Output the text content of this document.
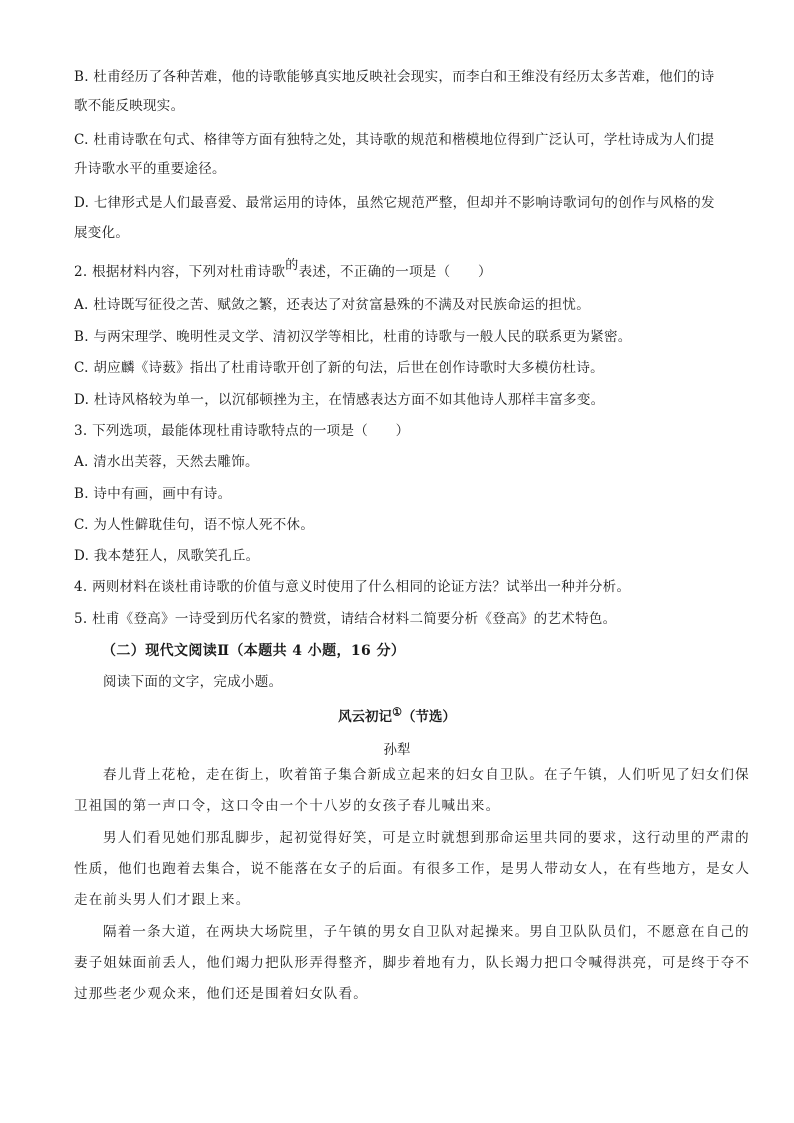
B. 杜甫经历了各种苦难，他的诗歌能够真实地反映社会现实，而李白和王维没有经历太多苦难，他们的诗
歌不能反映现实。
C. 杜甫诗歌在句式、格律等方面有独特之处，其诗歌的规范和楷模地位得到广泛认可，学杜诗成为人们提
升诗歌水平的重要途径。
D. 七律形式是人们最喜爱、最常运用的诗体，虽然它规范严整，但却并不影响诗歌词句的创作与风格的发
展变化。
2. 根据材料内容，下列对杜甫诗歌的表述，不正确的一项是（　　）
A. 杜诗既写征役之苦、赋敛之繁，还表达了对贫富悬殊的不满及对民族命运的担忧。
B. 与两宋理学、晚明性灵文学、清初汉学等相比，杜甫的诗歌与一般人民的联系更为紧密。
C. 胡应麟《诗薮》指出了杜甫诗歌开创了新的句法，后世在创作诗歌时大多模仿杜诗。
D. 杜诗风格较为单一，以沉郁顿挫为主，在情感表达方面不如其他诗人那样丰富多变。
3. 下列选项，最能体现杜甫诗歌特点的一项是（　　）
A. 清水出芙蓉，天然去雕饰。
B. 诗中有画，画中有诗。
C. 为人性僻耽佳句，语不惊人死不休。
D. 我本楚狂人，凤歌笑孔丘。
4. 两则材料在谈杜甫诗歌的价值与意义时使用了什么相同的论证方法？试举出一种并分析。
5. 杜甫《登高》一诗受到历代名家的赞赏，请结合材料二简要分析《登高》的艺术特色。
（二）现代文阅读Ⅱ（本题共 4 小题，16 分）
阅读下面的文字，完成小题。
风云初记①（节选）
孙犁
春儿背上花枪，走在街上，吹着笛子集合新成立起来的妇女自卫队。在子午镇，人们听见了妇女们保
卫祖国的第一声口令，这口令由一个十八岁的女孩子春儿喊出来。
男人们看见她们那乱脚步，起初觉得好笑，可是立时就想到那命运里共同的要求，这行动里的严肃的
性质，他们也跑着去集合，说不能落在女子的后面。有很多工作，是男人带动女人，在有些地方，是女人
走在前头男人们才跟上来。
隔着一条大道，在两块大场院里，子午镇的男女自卫队对起操来。男自卫队队员们，不愿意在自己的
妻子姐妹面前丢人，他们竭力把队形弄得整齐，脚步着地有力，队长竭力把口令喊得洪亮，可是终于夺不
过那些老少观众来，他们还是围着妇女队看。
